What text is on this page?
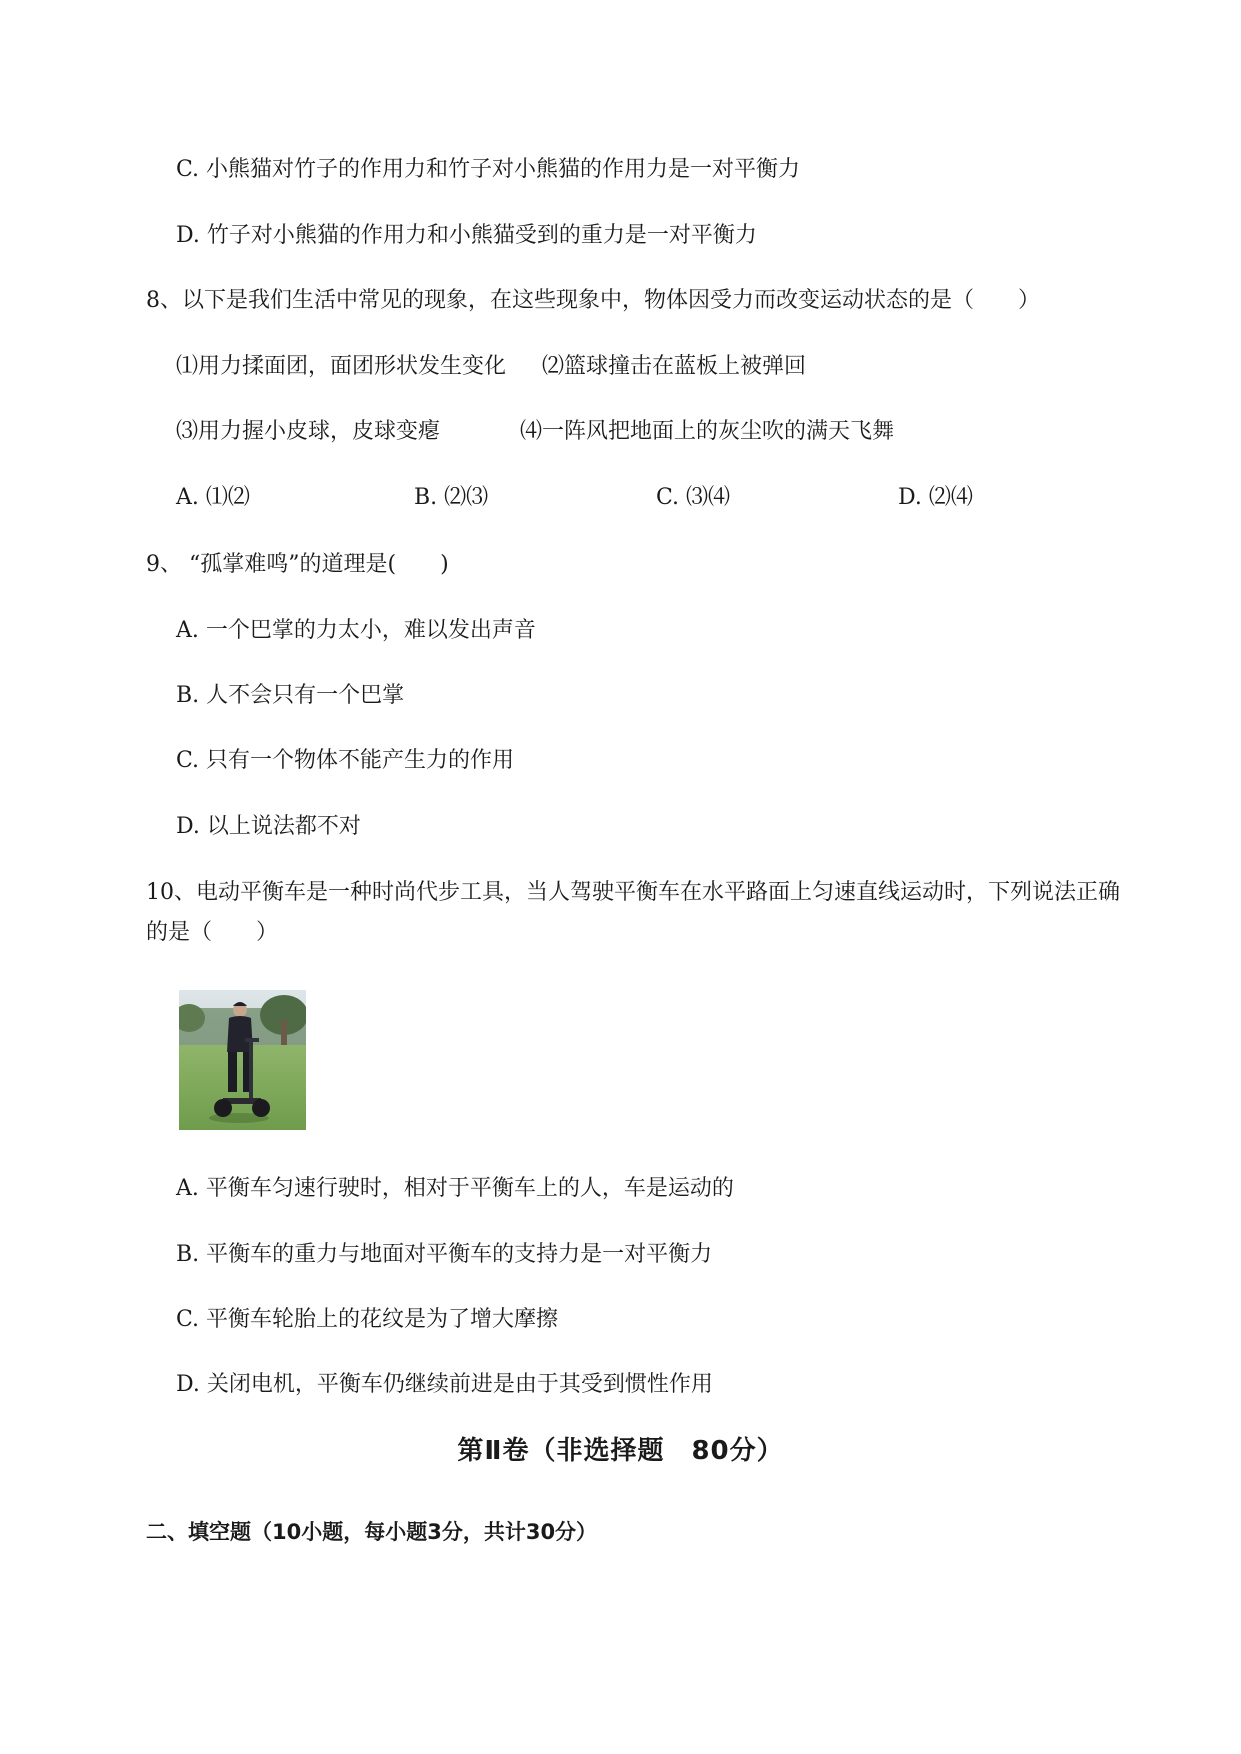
C. 小熊猫对竹子的作用力和竹子对小熊猫的作用力是一对平衡力
D. 竹子对小熊猫的作用力和小熊猫受到的重力是一对平衡力
8、以下是我们生活中常见的现象，在这些现象中，物体因受力而改变运动状态的是（　　）
⑴用力揉面团，面团形状发生变化 ⑵篮球撞击在蓝板上被弹回
⑶用力握小皮球，皮球变瘪	⑷一阵风把地面上的灰尘吹的满天飞舞
A. ⑴⑵	B. ⑵⑶	C. ⑶⑷	D. ⑵⑷
9、 “孤掌难鸣”的道理是(　　)
A. 一个巴掌的力太小，难以发出声音
B. 人不会只有一个巴掌
C. 只有一个物体不能产生力的作用
D. 以上说法都不对
10、电动平衡车是一种时尚代步工具，当人驾驶平衡车在水平路面上匀速直线运动时，下列说法正确
的是（　　）
A. 平衡车匀速行驶时，相对于平衡车上的人，车是运动的
B. 平衡车的重力与地面对平衡车的支持力是一对平衡力
C. 平衡车轮胎上的花纹是为了增大摩擦
D. 关闭电机，平衡车仍继续前进是由于其受到惯性作用
第Ⅱ卷（非选择题　80分）
二、填空题（10小题，每小题3分，共计30分）
